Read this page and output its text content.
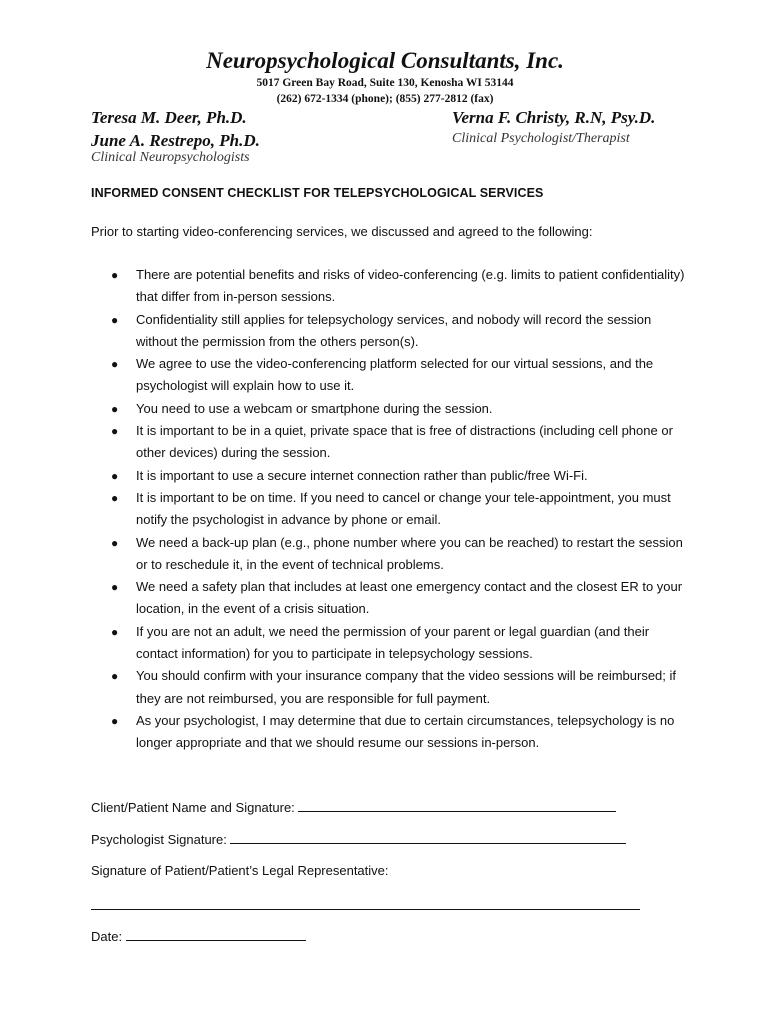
Neuropsychological Consultants, Inc.
5017 Green Bay Road, Suite 130, Kenosha WI 53144
(262) 672-1334 (phone); (855) 277-2812 (fax)
Teresa M. Deer, Ph.D.
June A. Restrepo, Ph.D.
Clinical Neuropsychologists
Verna F. Christy, R.N, Psy.D.
Clinical Psychologist/Therapist
INFORMED CONSENT CHECKLIST FOR TELEPSYCHOLOGICAL SERVICES
Prior to starting video-conferencing services, we discussed and agreed to the following:
● There are potential benefits and risks of video-conferencing (e.g. limits to patient confidentiality) that differ from in-person sessions.
● Confidentiality still applies for telepsychology services, and nobody will record the session without the permission from the others person(s).
● We agree to use the video-conferencing platform selected for our virtual sessions, and the psychologist will explain how to use it.
● You need to use a webcam or smartphone during the session.
● It is important to be in a quiet, private space that is free of distractions (including cell phone or other devices) during the session.
● It is important to use a secure internet connection rather than public/free Wi-Fi.
● It is important to be on time. If you need to cancel or change your tele-appointment, you must notify the psychologist in advance by phone or email.
● We need a back-up plan (e.g., phone number where you can be reached) to restart the session or to reschedule it, in the event of technical problems.
● We need a safety plan that includes at least one emergency contact and the closest ER to your location, in the event of a crisis situation.
● If you are not an adult, we need the permission of your parent or legal guardian (and their contact information) for you to participate in telepsychology sessions.
● You should confirm with your insurance company that the video sessions will be reimbursed; if they are not reimbursed, you are responsible for full payment.
● As your psychologist, I may determine that due to certain circumstances, telepsychology is no longer appropriate and that we should resume our sessions in-person.
Client/Patient Name and Signature:
Psychologist Signature:
Signature of Patient/Patient’s Legal Representative:
Date:
